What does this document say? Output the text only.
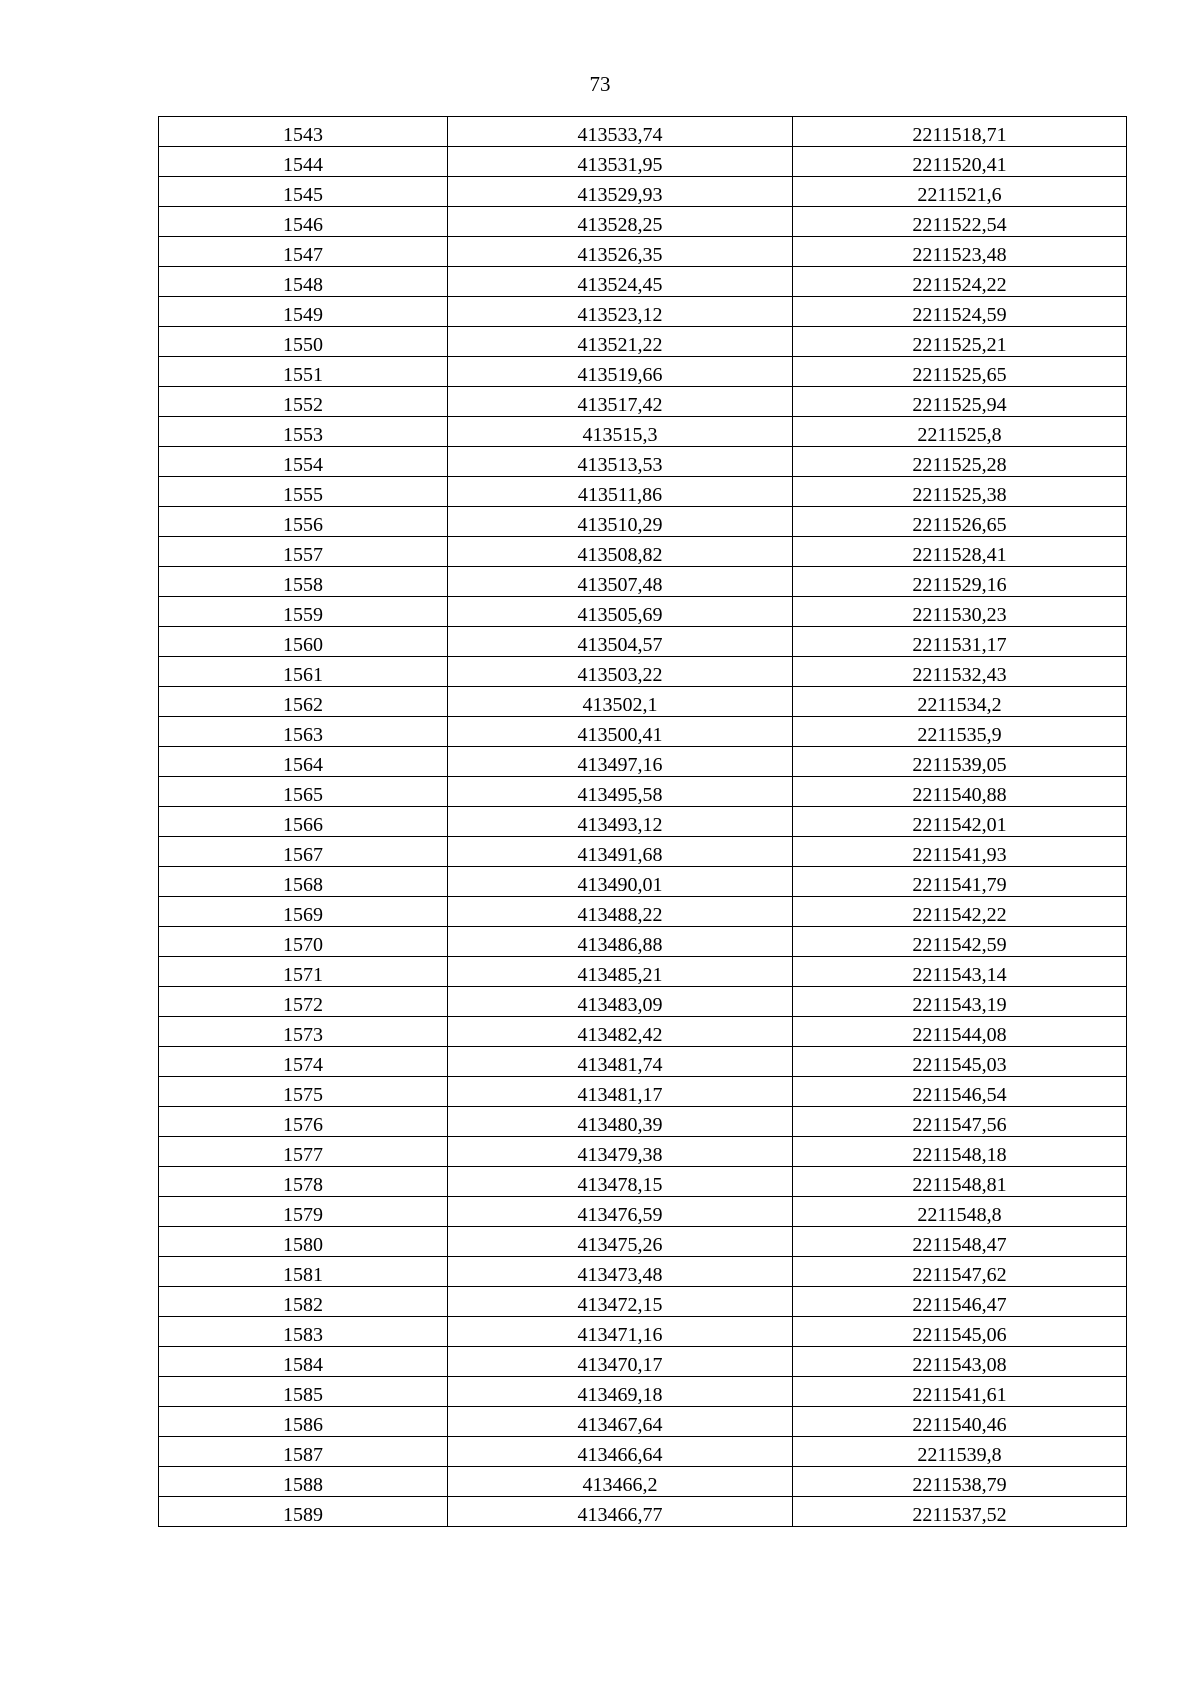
73
1543	413533,74	2211518,71
1544	413531,95	2211520,41
1545	413529,93	2211521,6
1546	413528,25	2211522,54
1547	413526,35	2211523,48
1548	413524,45	2211524,22
1549	413523,12	2211524,59
1550	413521,22	2211525,21
1551	413519,66	2211525,65
1552	413517,42	2211525,94
1553	413515,3	2211525,8
1554	413513,53	2211525,28
1555	413511,86	2211525,38
1556	413510,29	2211526,65
1557	413508,82	2211528,41
1558	413507,48	2211529,16
1559	413505,69	2211530,23
1560	413504,57	2211531,17
1561	413503,22	2211532,43
1562	413502,1	2211534,2
1563	413500,41	2211535,9
1564	413497,16	2211539,05
1565	413495,58	2211540,88
1566	413493,12	2211542,01
1567	413491,68	2211541,93
1568	413490,01	2211541,79
1569	413488,22	2211542,22
1570	413486,88	2211542,59
1571	413485,21	2211543,14
1572	413483,09	2211543,19
1573	413482,42	2211544,08
1574	413481,74	2211545,03
1575	413481,17	2211546,54
1576	413480,39	2211547,56
1577	413479,38	2211548,18
1578	413478,15	2211548,81
1579	413476,59	2211548,8
1580	413475,26	2211548,47
1581	413473,48	2211547,62
1582	413472,15	2211546,47
1583	413471,16	2211545,06
1584	413470,17	2211543,08
1585	413469,18	2211541,61
1586	413467,64	2211540,46
1587	413466,64	2211539,8
1588	413466,2	2211538,79
1589	413466,77	2211537,52
